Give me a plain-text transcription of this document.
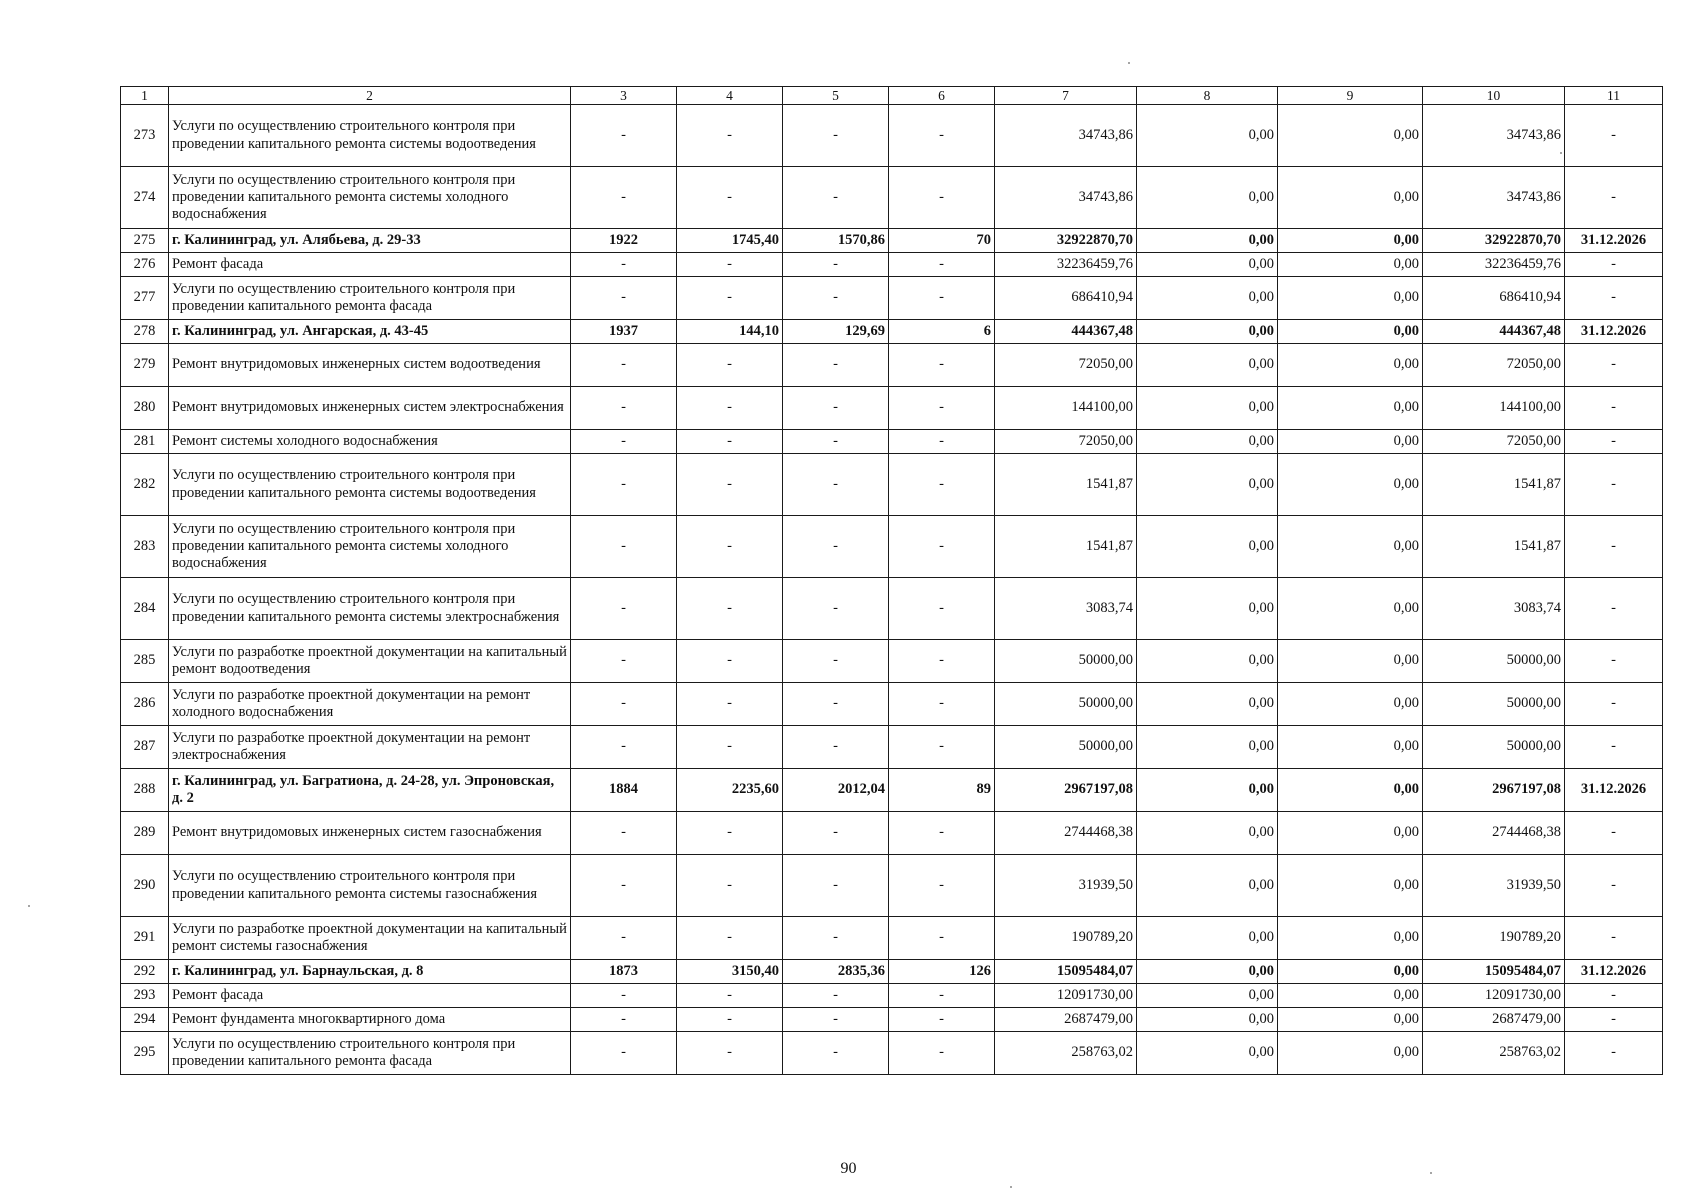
1	2	3	4	5	6	7	8	9	10	11
273	Услуги по осуществлению строительного контроля при проведении капитального ремонта системы водоотведения	-	-	-	-	34743,86	0,00	0,00	34743,86	-
274	Услуги по осуществлению строительного контроля при проведении капитального ремонта системы холодного водоснабжения	-	-	-	-	34743,86	0,00	0,00	34743,86	-
275	г. Калининград, ул. Алябьева, д. 29-33	1922	1745,40	1570,86	70	32922870,70	0,00	0,00	32922870,70	31.12.2026
276	Ремонт фасада	-	-	-	-	32236459,76	0,00	0,00	32236459,76	-
277	Услуги по осуществлению строительного контроля при проведении капитального ремонта фасада	-	-	-	-	686410,94	0,00	0,00	686410,94	-
278	г. Калининград, ул. Ангарская, д. 43-45	1937	144,10	129,69	6	444367,48	0,00	0,00	444367,48	31.12.2026
279	Ремонт внутридомовых инженерных систем водоотведения	-	-	-	-	72050,00	0,00	0,00	72050,00	-
280	Ремонт внутридомовых инженерных систем электроснабжения	-	-	-	-	144100,00	0,00	0,00	144100,00	-
281	Ремонт системы холодного водоснабжения	-	-	-	-	72050,00	0,00	0,00	72050,00	-
282	Услуги по осуществлению строительного контроля при проведении капитального ремонта системы водоотведения	-	-	-	-	1541,87	0,00	0,00	1541,87	-
283	Услуги по осуществлению строительного контроля при проведении капитального ремонта системы холодного водоснабжения	-	-	-	-	1541,87	0,00	0,00	1541,87	-
284	Услуги по осуществлению строительного контроля при проведении капитального ремонта системы электроснабжения	-	-	-	-	3083,74	0,00	0,00	3083,74	-
285	Услуги по разработке проектной документации на капитальный ремонт водоотведения	-	-	-	-	50000,00	0,00	0,00	50000,00	-
286	Услуги по разработке проектной документации на ремонт холодного водоснабжения	-	-	-	-	50000,00	0,00	0,00	50000,00	-
287	Услуги по разработке проектной документации на ремонт электроснабжения	-	-	-	-	50000,00	0,00	0,00	50000,00	-
288	г. Калининград, ул. Багратиона, д. 24-28, ул. Эпроновская, д. 2	1884	2235,60	2012,04	89	2967197,08	0,00	0,00	2967197,08	31.12.2026
289	Ремонт внутридомовых инженерных систем газоснабжения	-	-	-	-	2744468,38	0,00	0,00	2744468,38	-
290	Услуги по осуществлению строительного контроля при проведении капитального ремонта системы газоснабжения	-	-	-	-	31939,50	0,00	0,00	31939,50	-
291	Услуги по разработке проектной документации на капитальный ремонт системы газоснабжения	-	-	-	-	190789,20	0,00	0,00	190789,20	-
292	г. Калининград, ул. Барнаульская, д. 8	1873	3150,40	2835,36	126	15095484,07	0,00	0,00	15095484,07	31.12.2026
293	Ремонт фасада	-	-	-	-	12091730,00	0,00	0,00	12091730,00	-
294	Ремонт фундамента многоквартирного дома	-	-	-	-	2687479,00	0,00	0,00	2687479,00	-
295	Услуги по осуществлению строительного контроля при проведении капитального ремонта фасада	-	-	-	-	258763,02	0,00	0,00	258763,02	-
90
